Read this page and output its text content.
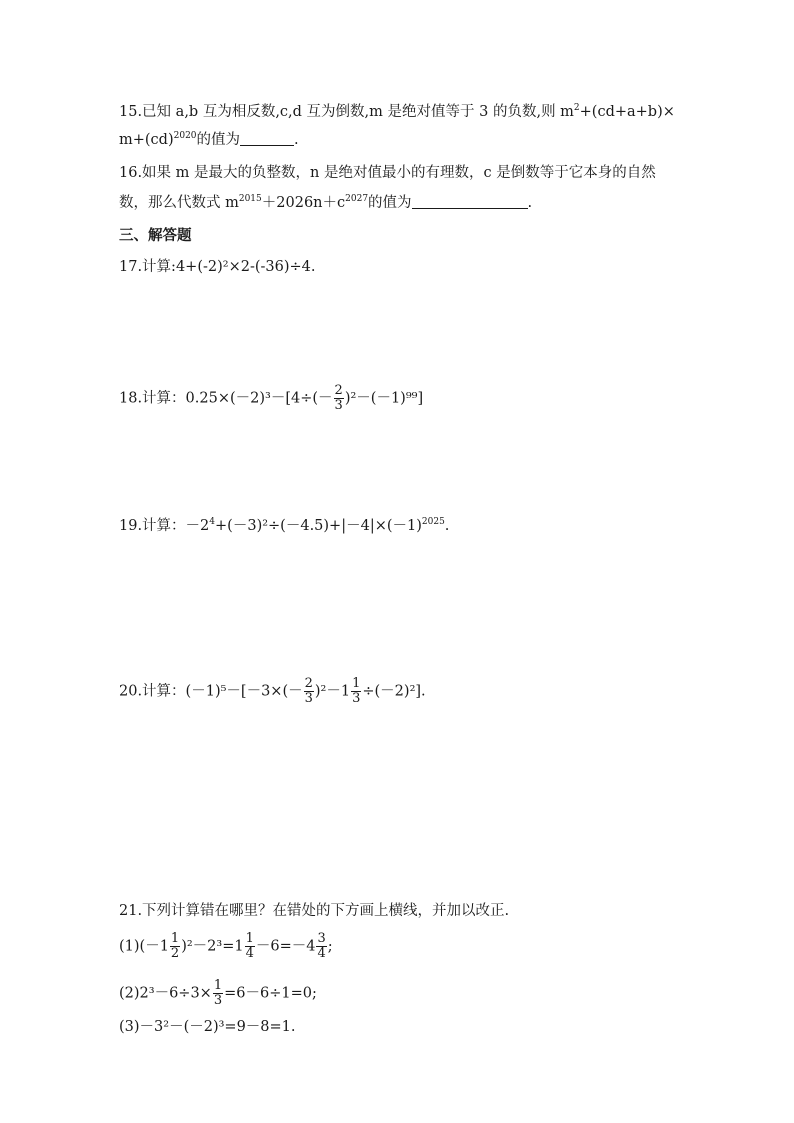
15.已知 a,b 互为相反数,c,d 互为倒数,m 是绝对值等于 3 的负数,则 $m^2+(cd+a+b)\times$
m+(cd)$^{2020}$的值为	.
16.如果 m 是最大的负整数，n 是绝对值最小的有理数，c 是倒数等于它本身的自然
数，那么代数式 $m^{2015}+2026n+c^{2027}$的值为	.
三、解答题
17.计算:4+(-2)²×2-(-36)÷4.
18.计算：$0.25\times(-2)^3-[4\div(- \frac{2}{3} )^2-(-1)^{99}]$
19.计算：$-2^4+(-3)^2\div(-4.5)+|-4|\times(-1)^{2025}$.
20.计算：$(-1)^5-[-3\times(- \frac{2}{3} )^2-1 \frac{1}{3} \div(-2)^2]$.
21.下列计算错在哪里？在错处的下方画上横线，并加以改正.
$(1)(-1 \frac{1}{2} )^2-2^3=1 \frac{1}{4} -6=-4 \frac{3}{4}$ ;
$(2)2^3-6\div 3\times \frac{1}{3} =6-6\div 1=0$;
(3)－3²－(－2)³=9－8=1.
